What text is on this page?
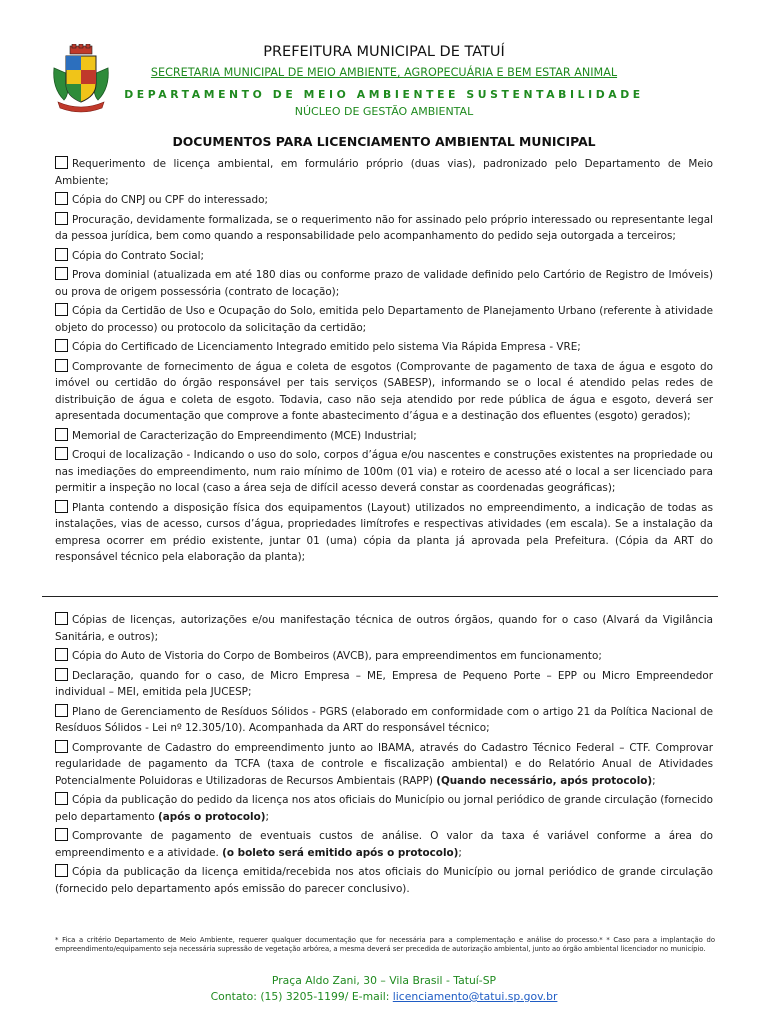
PREFEITURA MUNICIPAL DE TATUÍ
SECRETARIA MUNICIPAL DE MEIO AMBIENTE, AGROPECUÁRIA E BEM ESTAR ANIMAL
DEPARTAMENTO DE MEIO AMBIENTEE SUSTENTABILIDADE
NÚCLEO DE GESTÃO AMBIENTAL
DOCUMENTOS PARA LICENCIAMENTO AMBIENTAL MUNICIPAL
Requerimento de licença ambiental, em formulário próprio (duas vias), padronizado pelo Departamento de Meio Ambiente;
Cópia do CNPJ ou CPF do interessado;
Procuração, devidamente formalizada, se o requerimento não for assinado pelo próprio interessado ou representante legal da pessoa jurídica, bem como quando a responsabilidade pelo acompanhamento do pedido seja outorgada a terceiros;
Cópia do Contrato Social;
Prova dominial (atualizada em até 180 dias ou conforme prazo de validade definido pelo Cartório de Registro de Imóveis) ou prova de origem possessória (contrato de locação);
Cópia da Certidão de Uso e Ocupação do Solo, emitida pelo Departamento de Planejamento Urbano (referente à atividade objeto do processo) ou protocolo da solicitação da certidão;
Cópia do Certificado de Licenciamento Integrado emitido pelo sistema Via Rápida Empresa - VRE;
Comprovante de fornecimento de água e coleta de esgotos (Comprovante de pagamento de taxa de água e esgoto do imóvel ou certidão do órgão responsável per tais serviços (SABESP), informando se o local é atendido pelas redes de distribuição de água e coleta de esgoto. Todavia, caso não seja atendido por rede pública de água e esgoto, deverá ser apresentada documentação que comprove a fonte abastecimento d’água e a destinação dos efluentes (esgoto) gerados);
Memorial de Caracterização do Empreendimento (MCE) Industrial;
Croqui de localização - Indicando o uso do solo, corpos d’água e/ou nascentes e construções existentes na propriedade ou nas imediações do empreendimento, num raio mínimo de 100m (01 via) e roteiro de acesso até o local a ser licenciado para permitir a inspeção no local (caso a área seja de difícil acesso deverá constar as coordenadas geográficas);
Planta contendo a disposição física dos equipamentos (Layout) utilizados no empreendimento, a indicação de todas as instalações, vias de acesso, cursos d’água, propriedades limítrofes e respectivas atividades (em escala). Se a instalação da empresa ocorrer em prédio existente, juntar 01 (uma) cópia da planta já aprovada pela Prefeitura. (Cópia da ART do responsável técnico pela elaboração da planta);
Cópias de licenças, autorizações e/ou manifestação técnica de outros órgãos, quando for o caso (Alvará da Vigilância Sanitária, e outros);
Cópia do Auto de Vistoria do Corpo de Bombeiros (AVCB), para empreendimentos em funcionamento;
Declaração, quando for o caso, de Micro Empresa – ME, Empresa de Pequeno Porte – EPP ou Micro Empreendedor individual – MEI, emitida pela JUCESP;
Plano de Gerenciamento de Resíduos Sólidos - PGRS (elaborado em conformidade com o artigo 21 da Política Nacional de Resíduos Sólidos - Lei nº 12.305/10). Acompanhada da ART do responsável técnico;
Comprovante de Cadastro do empreendimento junto ao IBAMA, através do Cadastro Técnico Federal – CTF. Comprovar regularidade de pagamento da TCFA (taxa de controle e fiscalização ambiental) e do Relatório Anual de Atividades Potencialmente Poluidoras e Utilizadoras de Recursos Ambientais (RAPP) (Quando necessário, após protocolo);
Cópia da publicação do pedido da licença nos atos oficiais do Município ou jornal periódico de grande circulação (fornecido pelo departamento (após o protocolo);
Comprovante de pagamento de eventuais custos de análise. O valor da taxa é variável conforme a área do empreendimento e a atividade. (o boleto será emitido após o protocolo);
Cópia da publicação da licença emitida/recebida nos atos oficiais do Município ou jornal periódico de grande circulação (fornecido pelo departamento após emissão do parecer conclusivo).
* Fica a critério Departamento de Meio Ambiente, requerer qualquer documentação que for necessária para a complementação e análise do processo.* * Caso para a implantação do empreendimento/equipamento seja necessária supressão de vegetação arbórea, a mesma deverá ser precedida de autorização ambiental, junto ao órgão ambiental licenciador no município.
Praça Aldo Zani, 30 – Vila Brasil - Tatuí-SP
Contato: (15) 3205-1199/ E-mail: licenciamento@tatui.sp.gov.br
